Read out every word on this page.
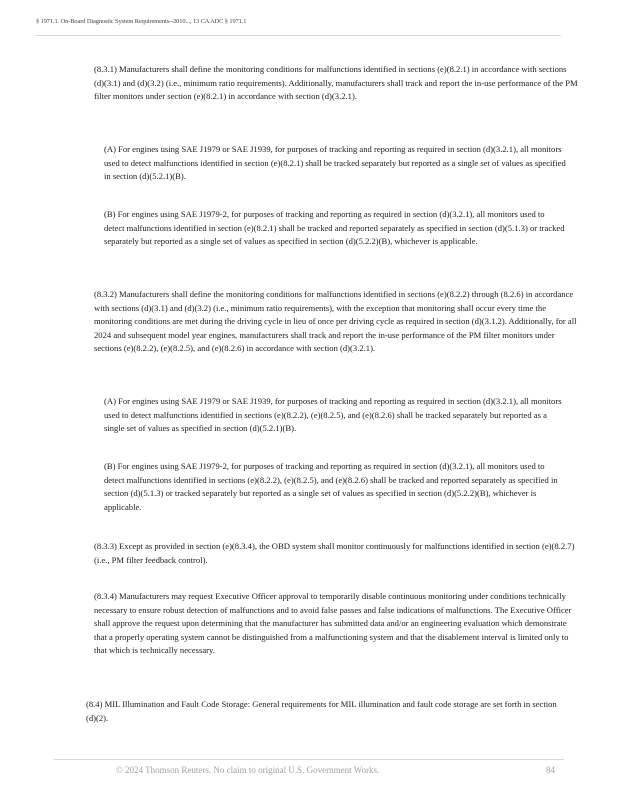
§ 1971.1. On-Board Diagnostic System Requirements--2010..., 13 CA ADC § 1971.1

(8.3.1) Manufacturers shall define the monitoring conditions for malfunctions identified in sections (e)(8.2.1) in accordance with sections (d)(3.1) and (d)(3.2) (i.e., minimum ratio requirements). Additionally, manufacturers shall track and report the in-use performance of the PM filter monitors under section (e)(8.2.1) in accordance with section (d)(3.2.1).

(A) For engines using SAE J1979 or SAE J1939, for purposes of tracking and reporting as required in section (d)(3.2.1), all monitors used to detect malfunctions identified in section (e)(8.2.1) shall be tracked separately but reported as a single set of values as specified in section (d)(5.2.1)(B).

(B) For engines using SAE J1979-2, for purposes of tracking and reporting as required in section (d)(3.2.1), all monitors used to detect malfunctions identified in section (e)(8.2.1) shall be tracked and reported separately as specified in section (d)(5.1.3) or tracked separately but reported as a single set of values as specified in section (d)(5.2.2)(B), whichever is applicable.

(8.3.2) Manufacturers shall define the monitoring conditions for malfunctions identified in sections (e)(8.2.2) through (8.2.6) in accordance with sections (d)(3.1) and (d)(3.2) (i.e., minimum ratio requirements), with the exception that monitoring shall occur every time the monitoring conditions are met during the driving cycle in lieu of once per driving cycle as required in section (d)(3.1.2). Additionally, for all 2024 and subsequent model year engines, manufacturers shall track and report the in-use performance of the PM filter monitors under sections (e)(8.2.2), (e)(8.2.5), and (e)(8.2.6) in accordance with section (d)(3.2.1).

(A) For engines using SAE J1979 or SAE J1939, for purposes of tracking and reporting as required in section (d)(3.2.1), all monitors used to detect malfunctions identified in sections (e)(8.2.2), (e)(8.2.5), and (e)(8.2.6) shall be tracked separately but reported as a single set of values as specified in section (d)(5.2.1)(B).

(B) For engines using SAE J1979-2, for purposes of tracking and reporting as required in section (d)(3.2.1), all monitors used to detect malfunctions identified in sections (e)(8.2.2), (e)(8.2.5), and (e)(8.2.6) shall be tracked and reported separately as specified in section (d)(5.1.3) or tracked separately but reported as a single set of values as specified in section (d)(5.2.2)(B), whichever is applicable.

(8.3.3) Except as provided in section (e)(8.3.4), the OBD system shall monitor continuously for malfunctions identified in section (e)(8.2.7) (i.e., PM filter feedback control).

(8.3.4) Manufacturers may request Executive Officer approval to temporarily disable continuous monitoring under conditions technically necessary to ensure robust detection of malfunctions and to avoid false passes and false indications of malfunctions. The Executive Officer shall approve the request upon determining that the manufacturer has submitted data and/or an engineering evaluation which demonstrate that a properly operating system cannot be distinguished from a malfunctioning system and that the disablement interval is limited only to that which is technically necessary.

(8.4) MIL Illumination and Fault Code Storage: General requirements for MIL illumination and fault code storage are set forth in section (d)(2).

© 2024 Thomson Reuters. No claim to original U.S. Government Works.	84
